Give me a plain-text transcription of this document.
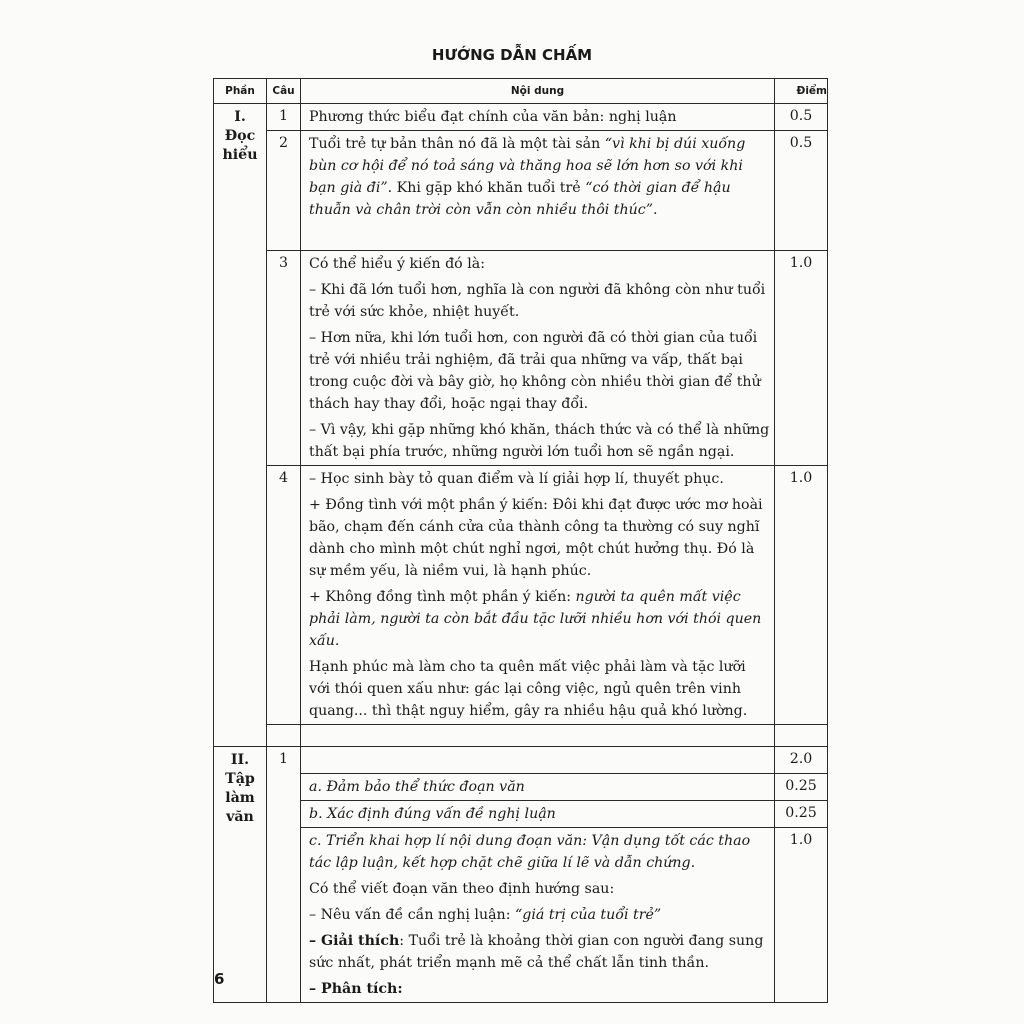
HƯỚNG DẪN CHẤM
Phần	Câu	Nội dung	Điểm

I.
Đọc
hiểu	1	Phương thức biểu đạt chính của văn bản: nghị luận	0.5
	2	Tuổi trẻ tự bản thân nó đã là một tài sản “vì khi bị dúi xuống bùn cơ hội để nó toả sáng và thăng hoa sẽ lớn hơn so với khi bạn già đi”. Khi gặp khó khăn tuổi trẻ “có thời gian để hậu thuẫn và chân trời còn vẫn còn nhiều thôi thúc”.	0.5
	3	Có thể hiểu ý kiến đó là:

– Khi đã lớn tuổi hơn, nghĩa là con người đã không còn như tuổi trẻ với sức khỏe, nhiệt huyết.

– Hơn nữa, khi lớn tuổi hơn, con người đã có thời gian của tuổi trẻ với nhiều trải nghiệm, đã trải qua những va vấp, thất bại trong cuộc đời và bây giờ, họ không còn nhiều thời gian để thử thách hay thay đổi, hoặc ngại thay đổi.

– Vì vậy, khi gặp những khó khăn, thách thức và có thể là những thất bại phía trước, những người lớn tuổi hơn sẽ ngần ngại.	1.0
	4	– Học sinh bày tỏ quan điểm và lí giải hợp lí, thuyết phục.

+ Đồng tình với một phần ý kiến: Đôi khi đạt được ước mơ hoài bão, chạm đến cánh cửa của thành công ta thường có suy nghĩ dành cho mình một chút nghỉ ngơi, một chút hưởng thụ. Đó là sự mềm yếu, là niềm vui, là hạnh phúc.

+ Không đồng tình một phần ý kiến: người ta quên mất việc phải làm, người ta còn bắt đầu tặc lưỡi nhiều hơn với thói quen xấu.

Hạnh phúc mà làm cho ta quên mất việc phải làm và tặc lưỡi với thói quen xấu như: gác lại công việc, ngủ quên trên vinh quang... thì thật nguy hiểm, gây ra nhiều hậu quả khó lường.	1.0

II.
Tập
làm
văn	1		2.0

		a. Đảm bảo thể thức đoạn văn	0.25

		b. Xác định đúng vấn đề nghị luận	0.25

		c. Triển khai hợp lí nội dung đoạn văn: Vận dụng tốt các thao tác lập luận, kết hợp chặt chẽ giữa lí lẽ và dẫn chứng.

Có thể viết đoạn văn theo định hướng sau:

– Nêu vấn đề cần nghị luận: “giá trị của tuổi trẻ”

– Giải thích: Tuổi trẻ là khoảng thời gian con người đang sung sức nhất, phát triển mạnh mẽ cả thể chất lẫn tinh thần.

– Phân tích:	1.0
6
